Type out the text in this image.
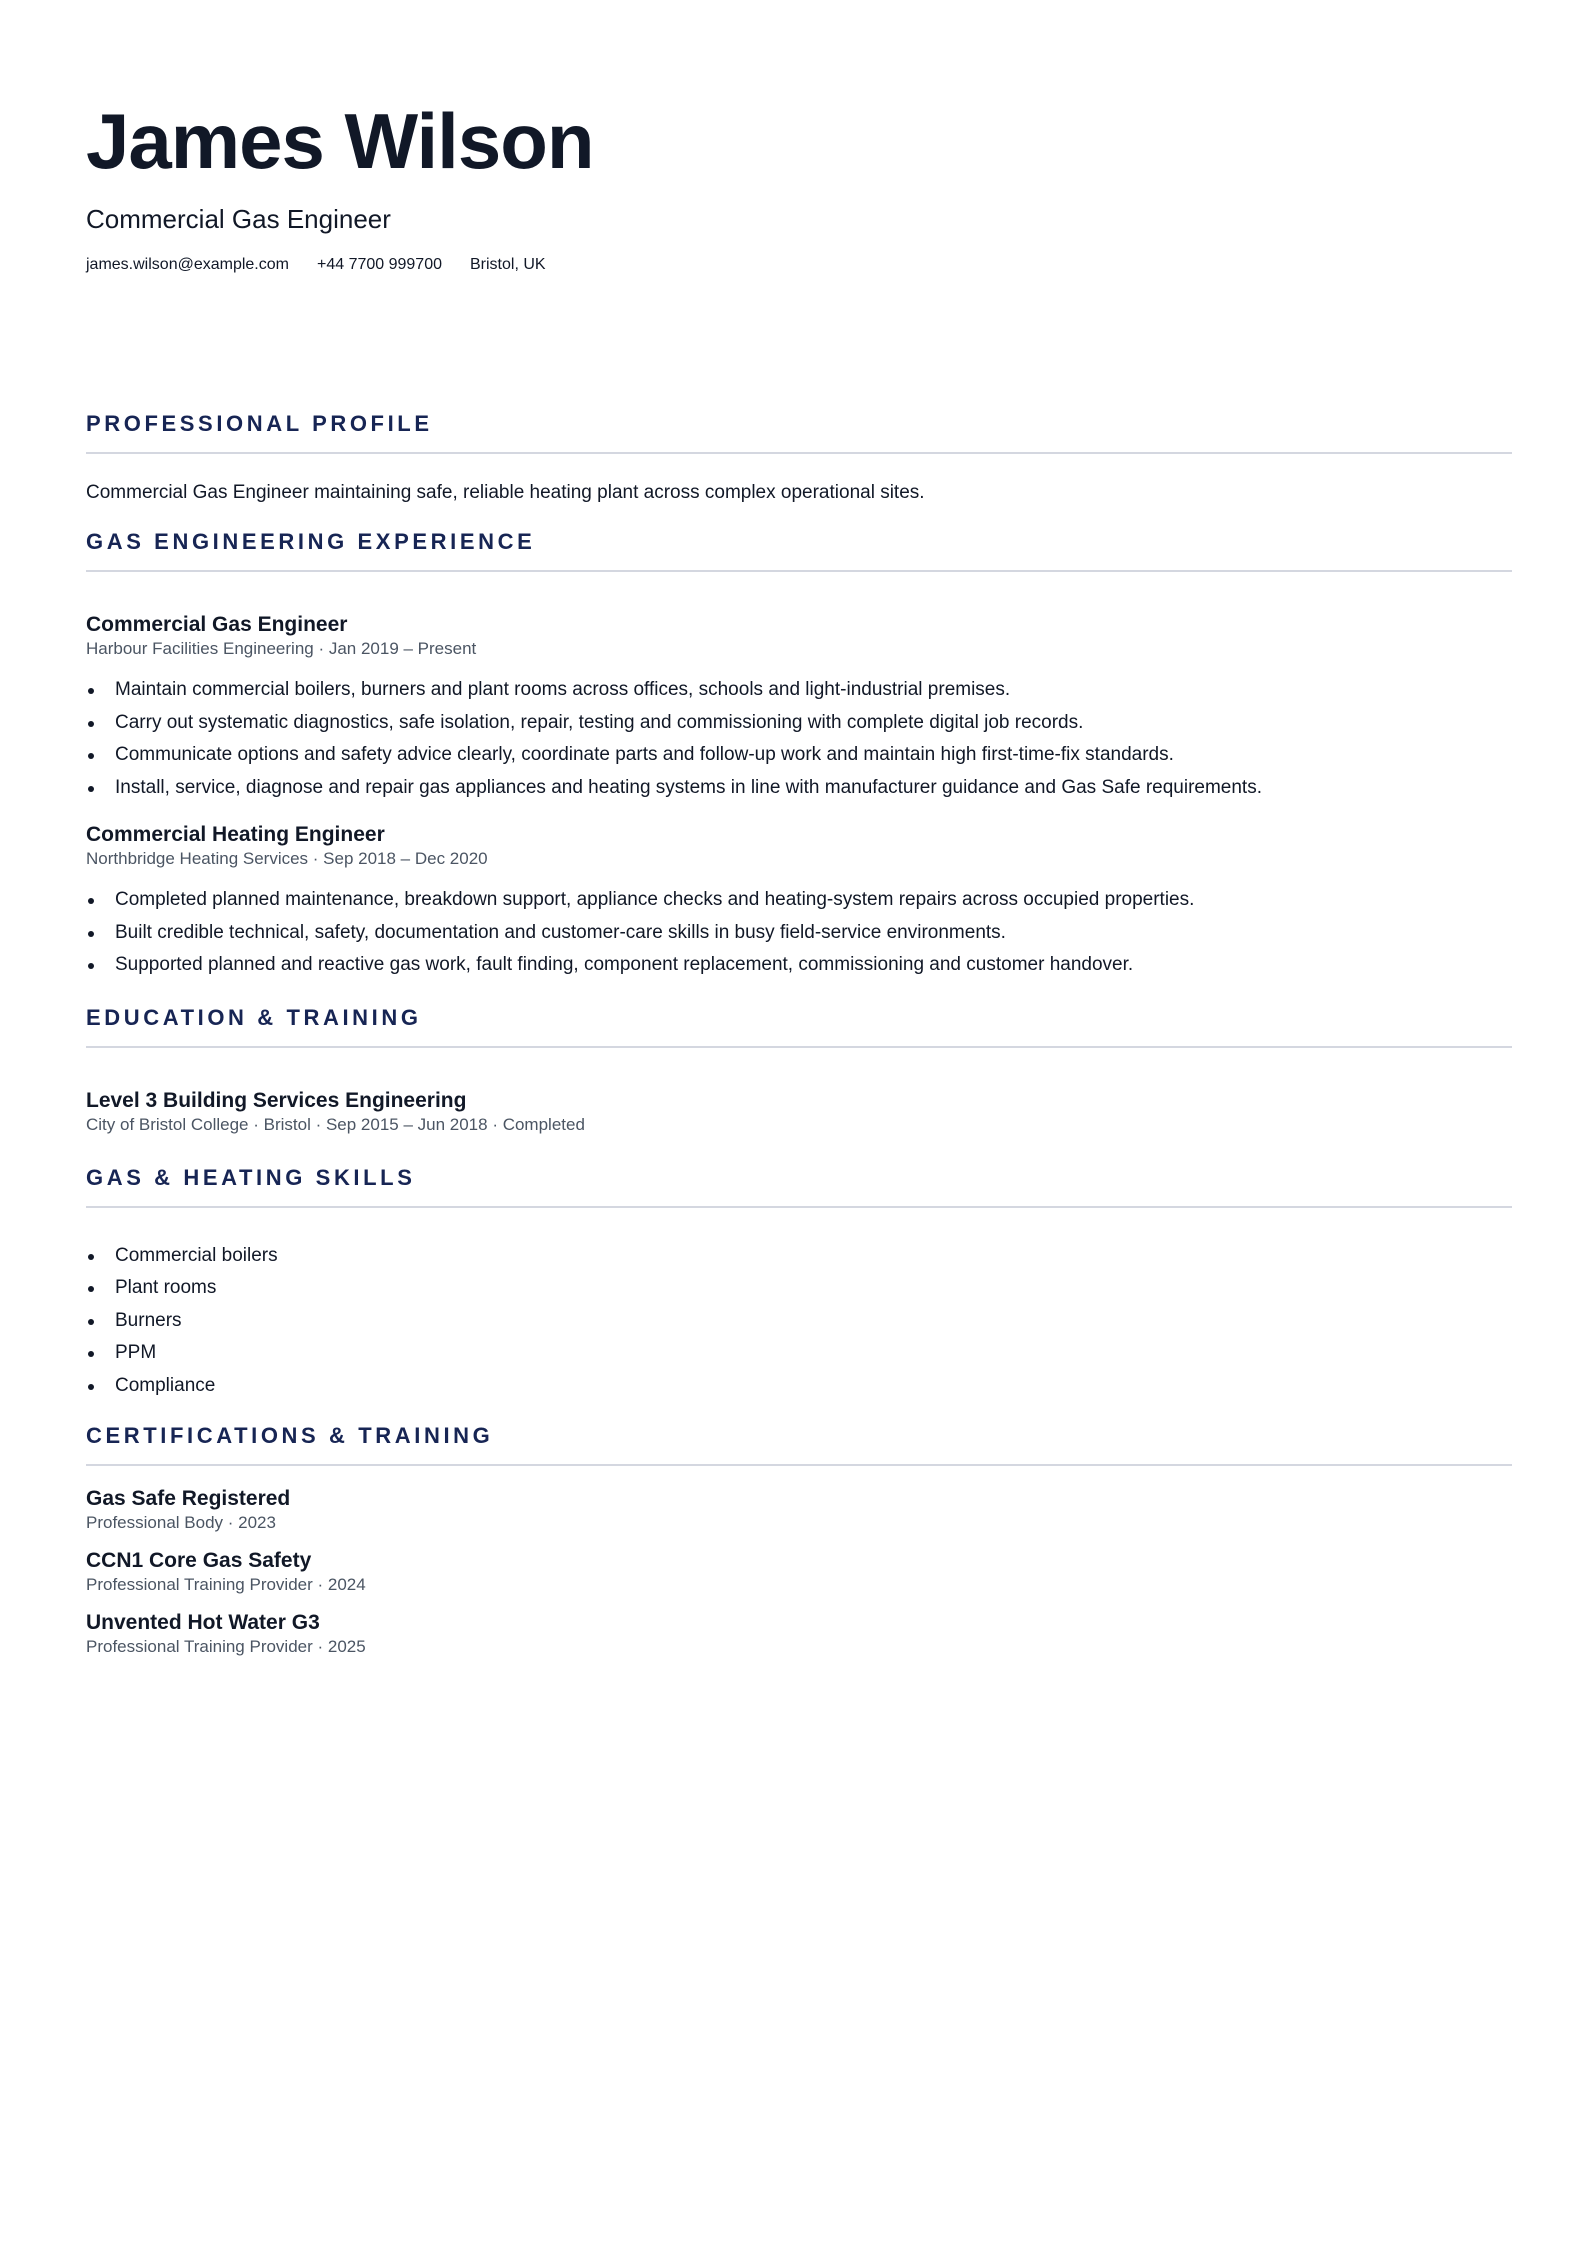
James Wilson
Commercial Gas Engineer
james.wilson@example.com +44 7700 999700 Bristol, UK
PROFESSIONAL PROFILE
Commercial Gas Engineer maintaining safe, reliable heating plant across complex operational sites.
GAS ENGINEERING EXPERIENCE
Commercial Gas Engineer
Harbour Facilities Engineering · Jan 2019 – Present
Maintain commercial boilers, burners and plant rooms across offices, schools and light-industrial premises.
Carry out systematic diagnostics, safe isolation, repair, testing and commissioning with complete digital job records.
Communicate options and safety advice clearly, coordinate parts and follow-up work and maintain high first-time-fix standards.
Install, service, diagnose and repair gas appliances and heating systems in line with manufacturer guidance and Gas Safe requirements.
Commercial Heating Engineer
Northbridge Heating Services · Sep 2018 – Dec 2020
Completed planned maintenance, breakdown support, appliance checks and heating-system repairs across occupied properties.
Built credible technical, safety, documentation and customer-care skills in busy field-service environments.
Supported planned and reactive gas work, fault finding, component replacement, commissioning and customer handover.
EDUCATION & TRAINING
Level 3 Building Services Engineering
City of Bristol College · Bristol · Sep 2015 – Jun 2018 · Completed
GAS & HEATING SKILLS
Commercial boilers
Plant rooms
Burners
PPM
Compliance
CERTIFICATIONS & TRAINING
Gas Safe Registered
Professional Body · 2023
CCN1 Core Gas Safety
Professional Training Provider · 2024
Unvented Hot Water G3
Professional Training Provider · 2025
